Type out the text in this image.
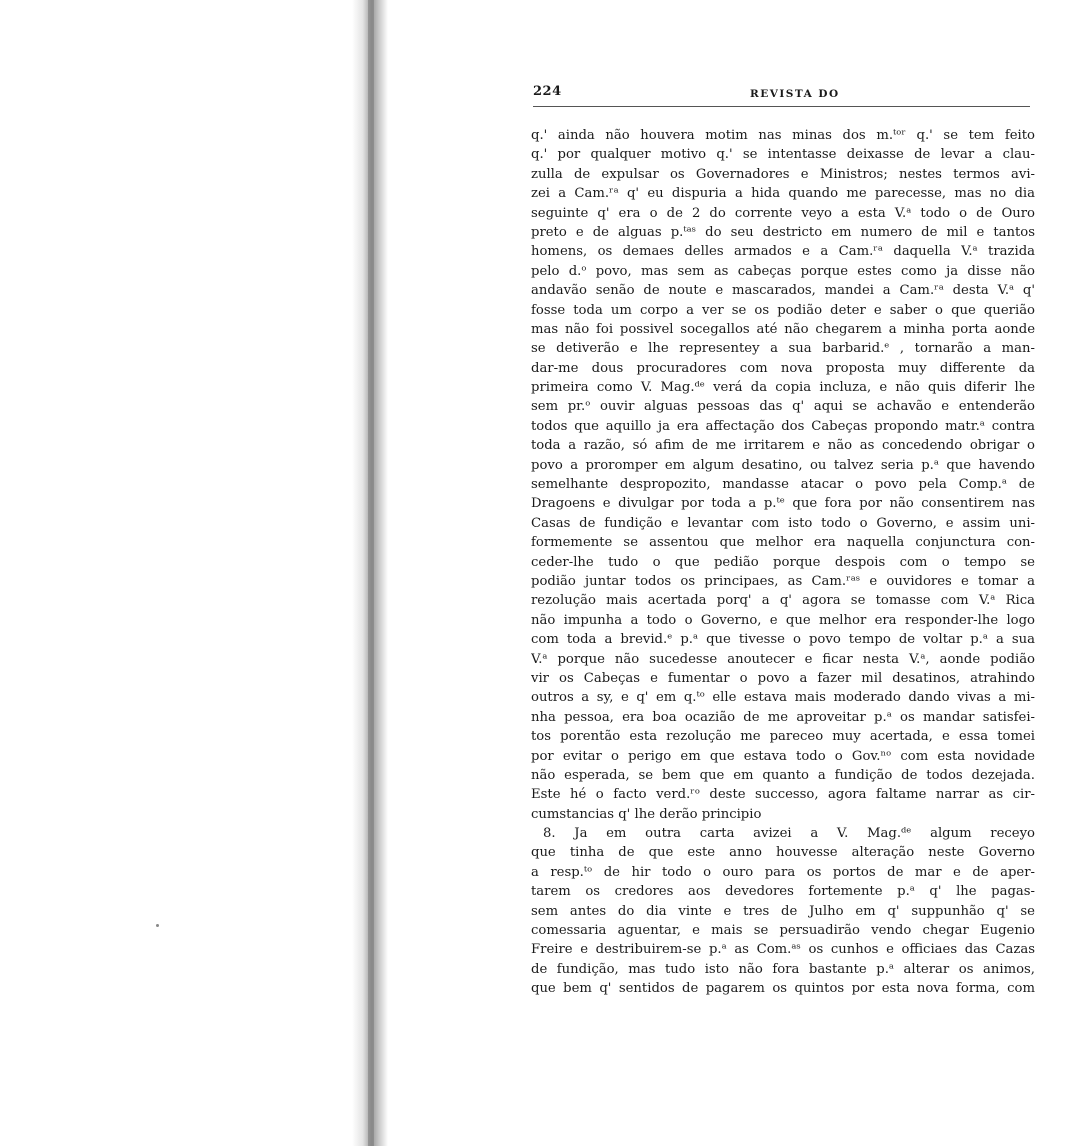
224	REVISTA DO
q.' ainda não houvera motim nas minas dos m.ᵗᵒʳ q.' se tem feito
q.' por qualquer motivo q.' se intentasse deixasse de levar a clau-
zulla de expulsar os Governadores e Ministros; nestes termos avi-
zei a Cam.ʳᵃ q' eu dispuria a hida quando me parecesse, mas no dia
seguinte q' era o de 2 do corrente veyo a esta V.ᵃ todo o de Ouro
preto e de alguas p.ᵗᵃˢ do seu destricto em numero de mil e tantos
homens, os demaes delles armados e a Cam.ʳᵃ daquella V.ᵃ trazida
pelo d.ᵒ povo, mas sem as cabeças porque estes como ja disse não
andavão senão de noute e mascarados, mandei a Cam.ʳᵃ desta V.ᵃ q'
fosse toda um corpo a ver se os podião deter e saber o que querião
mas não foi possivel socegallos até não chegarem a minha porta aonde
se detiverão e lhe representey a sua barbarid.ᵉ , tornarão a man-
dar-me dous procuradores com nova proposta muy differente da
primeira como V. Mag.ᵈᵉ verá da copia incluza, e não quis diferir lhe
sem pr.ᵒ ouvir alguas pessoas das q' aqui se achavão e entenderão
todos que aquillo ja era affectação dos Cabeças propondo matr.ᵃ contra
toda a razão, só afim de me irritarem e não as concedendo obrigar o
povo a proromper em algum desatino, ou talvez seria p.ᵃ que havendo
semelhante despropozito, mandasse atacar o povo pela Comp.ᵃ de
Dragoens e divulgar por toda a p.ᵗᵉ que fora por não consentirem nas
Casas de fundição e levantar com isto todo o Governo, e assim uni-
formemente se assentou que melhor era naquella conjunctura con-
ceder-lhe tudo o que pedião porque despois com o tempo se
podião juntar todos os principaes, as Cam.ʳᵃˢ e ouvidores e tomar a
rezolução mais acertada porq' a q' agora se tomasse com V.ᵃ Rica
não impunha a todo o Governo, e que melhor era responder-lhe logo
com toda a brevid.ᵉ p.ᵃ que tivesse o povo tempo de voltar p.ᵃ a sua
V.ᵃ porque não sucedesse anoutecer e ficar nesta V.ᵃ, aonde podião
vir os Cabeças e fumentar o povo a fazer mil desatinos, atrahindo
outros a sy, e q' em q.ᵗᵒ elle estava mais moderado dando vivas a mi-
nha pessoa, era boa ocazião de me aproveitar p.ᵃ os mandar satisfei-
tos porentão esta rezolução me pareceo muy acertada, e essa tomei
por evitar o perigo em que estava todo o Gov.ⁿᵒ com esta novidade
não esperada, se bem que em quanto a fundição de todos dezejada.
Este hé o facto verd.ʳᵒ deste successo, agora faltame narrar as cir-
cumstancias q' lhe derão principio
8. Ja em outra carta avizei a V. Mag.ᵈᵉ algum receyo
que tinha de que este anno houvesse alteração neste Governo
a resp.ᵗᵒ de hir todo o ouro para os portos de mar e de aper-
tarem os credores aos devedores fortemente p.ᵃ q' lhe pagas-
sem antes do dia vinte e tres de Julho em q' suppunhão q' se
comessaria aguentar, e mais se persuadirão vendo chegar Eugenio
Freire e destribuirem-se p.ᵃ as Com.ᵃˢ os cunhos e officiaes das Cazas
de fundição, mas tudo isto não fora bastante p.ᵃ alterar os animos,
que bem q' sentidos de pagarem os quintos por esta nova forma, com
